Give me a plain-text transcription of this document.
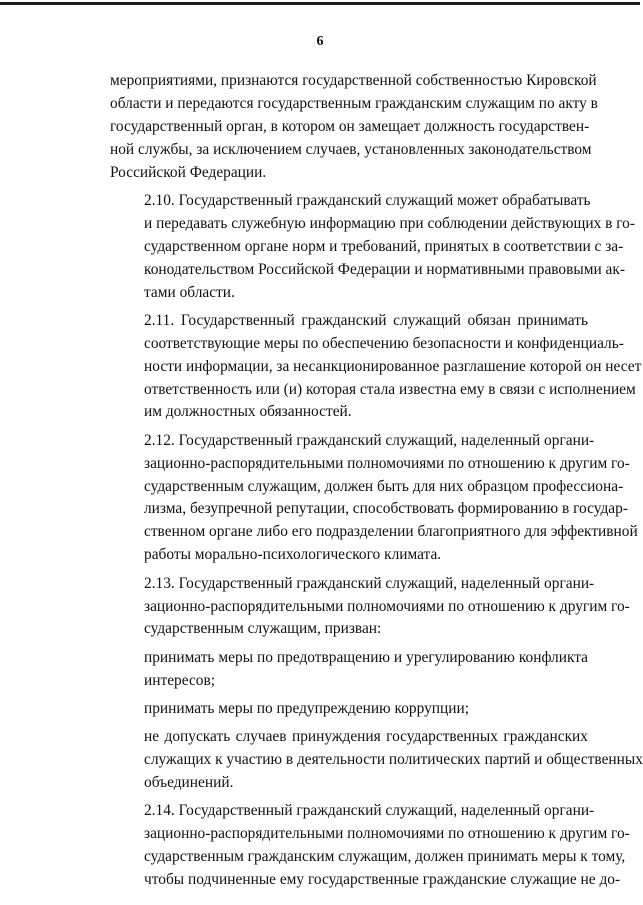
6

мероприятиями, признаются государственной собственностью Кировской
области и передаются государственным гражданским служащим по акту в
государственный орган, в котором он замещает должность государствен-
ной службы, за исключением случаев, установленных законодательством
Российской Федерации.

2.10. Государственный гражданский служащий может обрабатывать
и передавать служебную информацию при соблюдении действующих в го-
сударственном органе норм и требований, принятых в соответствии с за-
конодательством Российской Федерации и нормативными правовыми ак-
тами области.

2.11. Государственный гражданский служащий обязан принимать
соответствующие меры по обеспечению безопасности и конфиденциаль-
ности информации, за несанкционированное разглашение которой он несет
ответственность или (и) которая стала известна ему в связи с исполнением
им должностных обязанностей.

2.12. Государственный гражданский служащий, наделенный органи-
зационно-распорядительными полномочиями по отношению к другим го-
сударственным служащим, должен быть для них образцом профессиона-
лизма, безупречной репутации, способствовать формированию в государ-
ственном органе либо его подразделении благоприятного для эффективной
работы морально-психологического климата.

2.13. Государственный гражданский служащий, наделенный органи-
зационно-распорядительными полномочиями по отношению к другим го-
сударственным служащим, призван:

принимать меры по предотвращению и урегулированию конфликта
интересов;

принимать меры по предупреждению коррупции;

не допускать случаев принуждения государственных гражданских
служащих к участию в деятельности политических партий и общественных
объединений.

2.14. Государственный гражданский служащий, наделенный органи-
зационно-распорядительными полномочиями по отношению к другим го-
сударственным гражданским служащим, должен принимать меры к тому,
чтобы подчиненные ему государственные гражданские служащие не до-
